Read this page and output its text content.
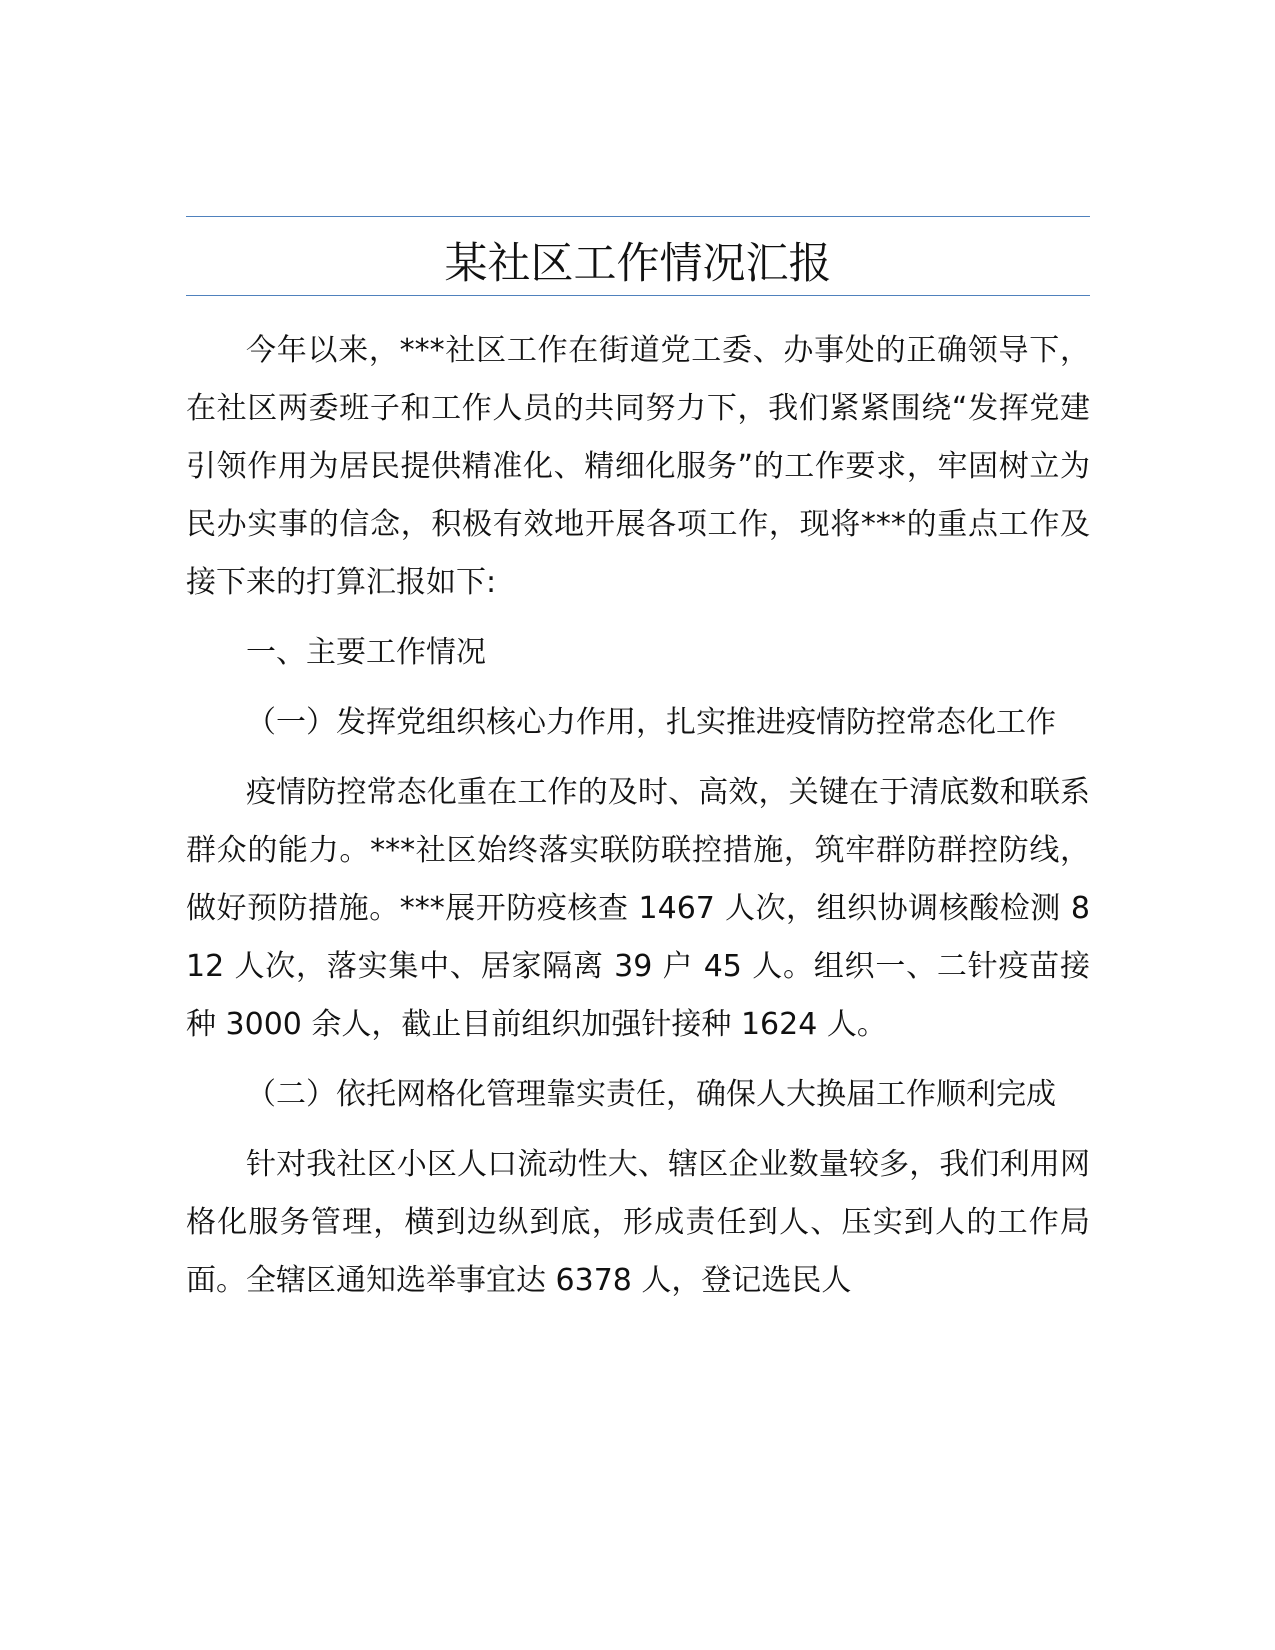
某社区工作情况汇报

今年以来，***社区工作在街道党工委、办事处的正确领导下，在社区两委班子和工作人员的共同努力下，我们紧紧围绕“发挥党建引领作用为居民提供精准化、精细化服务”的工作要求，牢固树立为民办实事的信念，积极有效地开展各项工作，现将***的重点工作及接下来的打算汇报如下:

一、主要工作情况

（一）发挥党组织核心力作用，扎实推进疫情防控常态化工作

疫情防控常态化重在工作的及时、高效，关键在于清底数和联系群众的能力。***社区始终落实联防联控措施，筑牢群防群控防线，做好预防措施。***展开防疫核查 1467 人次，组织协调核酸检测 812 人次，落实集中、居家隔离 39 户 45 人。组织一、二针疫苗接种 3000 余人，截止目前组织加强针接种 1624 人。

（二）依托网格化管理靠实责任，确保人大换届工作顺利完成

针对我社区小区人口流动性大、辖区企业数量较多，我们利用网格化服务管理，横到边纵到底，形成责任到人、压实到人的工作局面。全辖区通知选举事宜达 6378 人，登记选民人
